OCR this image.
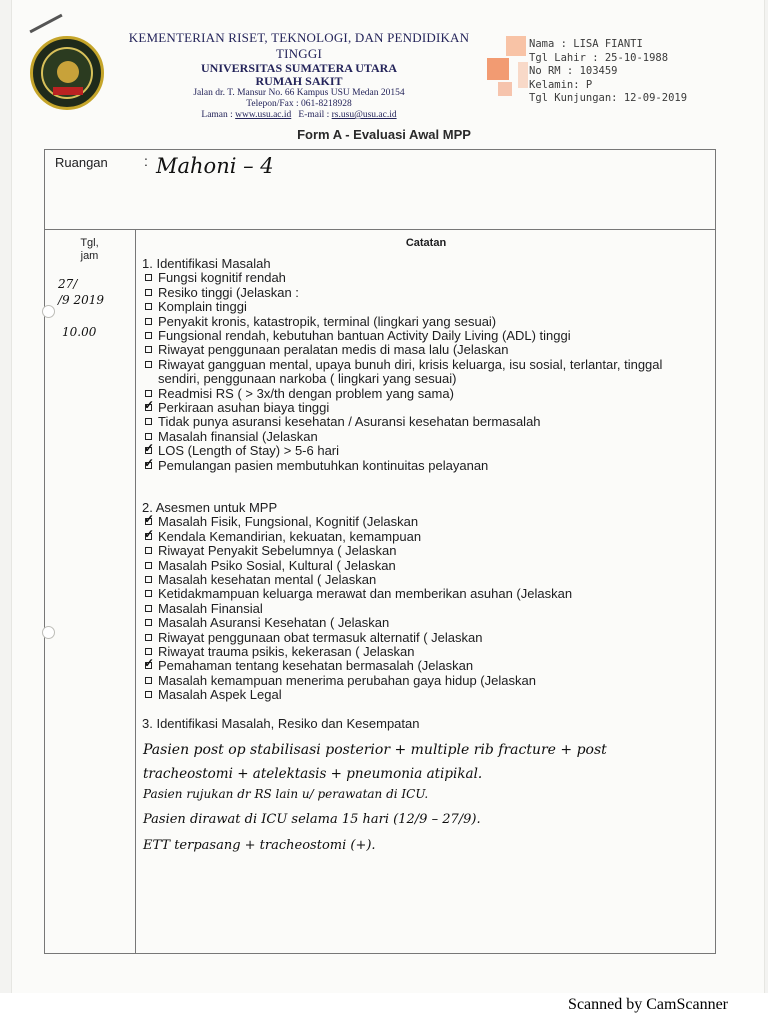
KEMENTERIAN RISET, TEKNOLOGI, DAN PENDIDIKAN TINGGI
UNIVERSITAS SUMATERA UTARA
RUMAH SAKIT
Jalan dr. T. Mansur No. 66 Kampus USU Medan 20154
Telepon/Fax : 061-8218928
Laman : www.usu.ac.id E-mail : rs.usu@usu.ac.id
Nama : LISA FIANTI
Tgl Lahir : 25-10-1988
No RM : 103459
Kelamin: P
Tgl Kunjungan: 12-09-2019
Form A - Evaluasi Awal MPP
Ruangan	: Mahoni – 4
Tgl,
jam
27/
/9 2019
10.00
Catatan
1. Identifikasi Masalah
Fungsi kognitif rendah
Resiko tinggi (Jelaskan :
Komplain tinggi
Penyakit kronis, katastropik, terminal (lingkari yang sesuai)
Fungsional rendah, kebutuhan bantuan Activity Daily Living (ADL) tinggi
Riwayat penggunaan peralatan medis di masa lalu (Jelaskan
Riwayat gangguan mental, upaya bunuh diri, krisis keluarga, isu sosial, terlantar, tinggal sendiri, penggunaan narkoba ( lingkari yang sesuai)
Readmisi RS ( > 3x/th dengan problem yang sama)
✓ Perkiraan asuhan biaya tinggi
Tidak punya asuransi kesehatan / Asuransi kesehatan bermasalah
Masalah finansial (Jelaskan
✓ LOS (Length of Stay) > 5-6 hari
✓ Pemulangan pasien membutuhkan kontinuitas pelayanan
2. Asesmen untuk MPP
✓ Masalah Fisik, Fungsional, Kognitif (Jelaskan
✓ Kendala Kemandirian, kekuatan, kemampuan
Riwayat Penyakit Sebelumnya ( Jelaskan
Masalah Psiko Sosial, Kultural ( Jelaskan
Masalah kesehatan mental ( Jelaskan
Ketidakmampuan keluarga merawat dan memberikan asuhan (Jelaskan
Masalah Finansial
Masalah Asuransi Kesehatan ( Jelaskan
Riwayat penggunaan obat termasuk alternatif ( Jelaskan
Riwayat trauma psikis, kekerasan ( Jelaskan
✓ Pemahaman tentang kesehatan bermasalah (Jelaskan
Masalah kemampuan menerima perubahan gaya hidup (Jelaskan
Masalah Aspek Legal
3. Identifikasi Masalah, Resiko dan Kesempatan
Pasien post op stabilisasi posterior + multiple rib fracture + post
tracheostomi + atelektasis + pneumonia atipikal.
Pasien rujukan dr RS lain u/ perawatan di ICU.
Pasien dirawat di ICU selama 15 hari (12/9 – 27/9).
ETT terpasang + tracheostomi (+).
Scanned by CamScanner
